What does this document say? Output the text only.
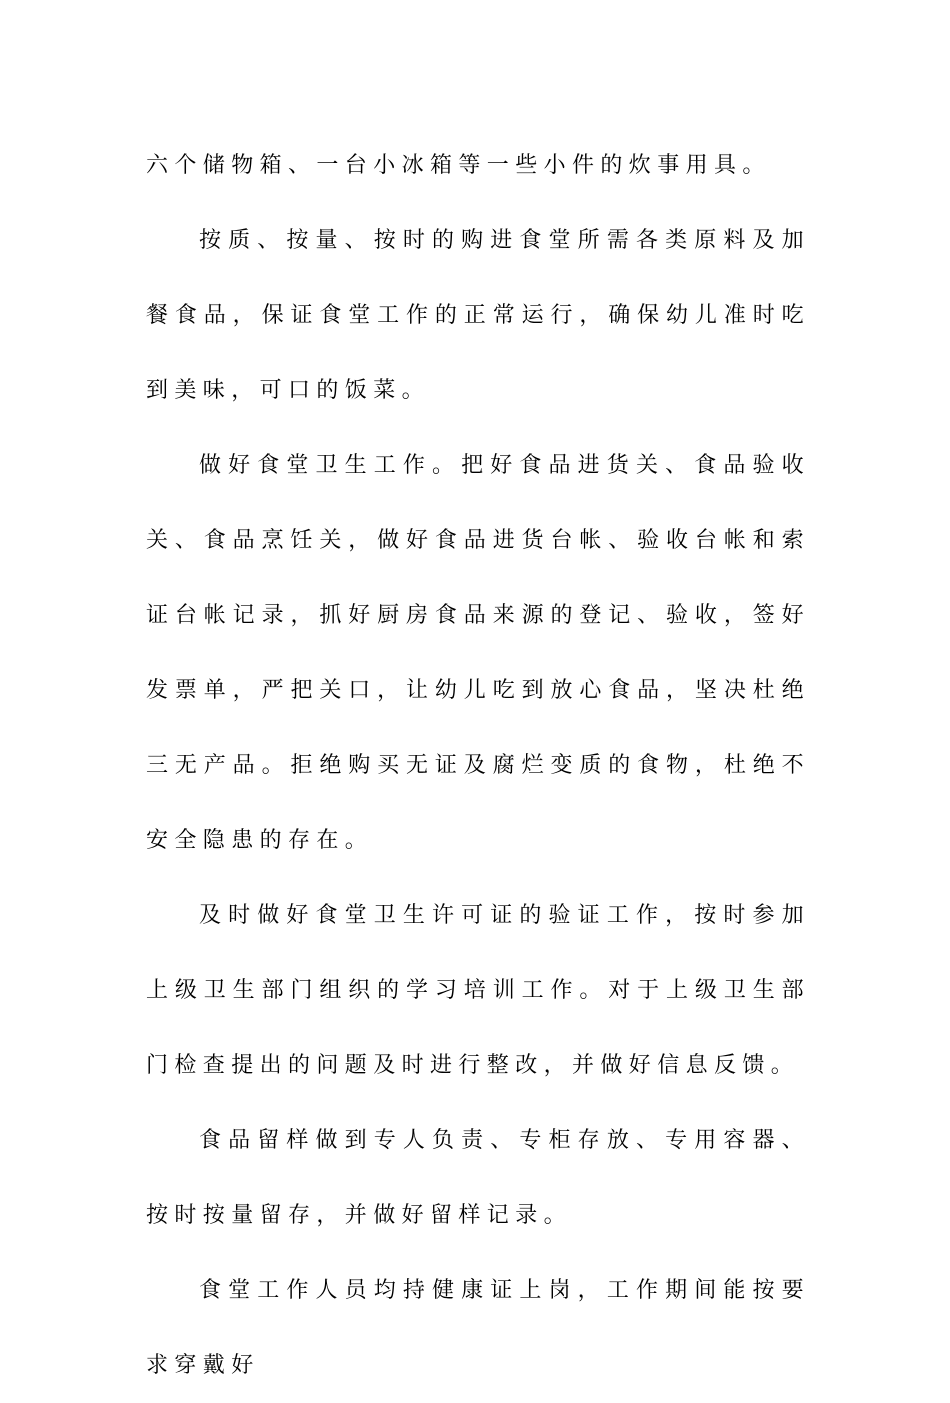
六个储物箱、一台小冰箱等一些小件的炊事用具。

按质、按量、按时的购进食堂所需各类原料及加餐食品，保证食堂工作的正常运行，确保幼儿准时吃到美味，可口的饭菜。

做好食堂卫生工作。把好食品进货关、食品验收关、食品烹饪关，做好食品进货台帐、验收台帐和索证台帐记录，抓好厨房食品来源的登记、验收，签好发票单，严把关口，让幼儿吃到放心食品，坚决杜绝三无产品。拒绝购买无证及腐烂变质的食物，杜绝不安全隐患的存在。

及时做好食堂卫生许可证的验证工作，按时参加上级卫生部门组织的学习培训工作。对于上级卫生部门检查提出的问题及时进行整改，并做好信息反馈。

食品留样做到专人负责、专柜存放、专用容器、按时按量留存，并做好留样记录。

食堂工作人员均持健康证上岗，工作期间能按要求穿戴好
